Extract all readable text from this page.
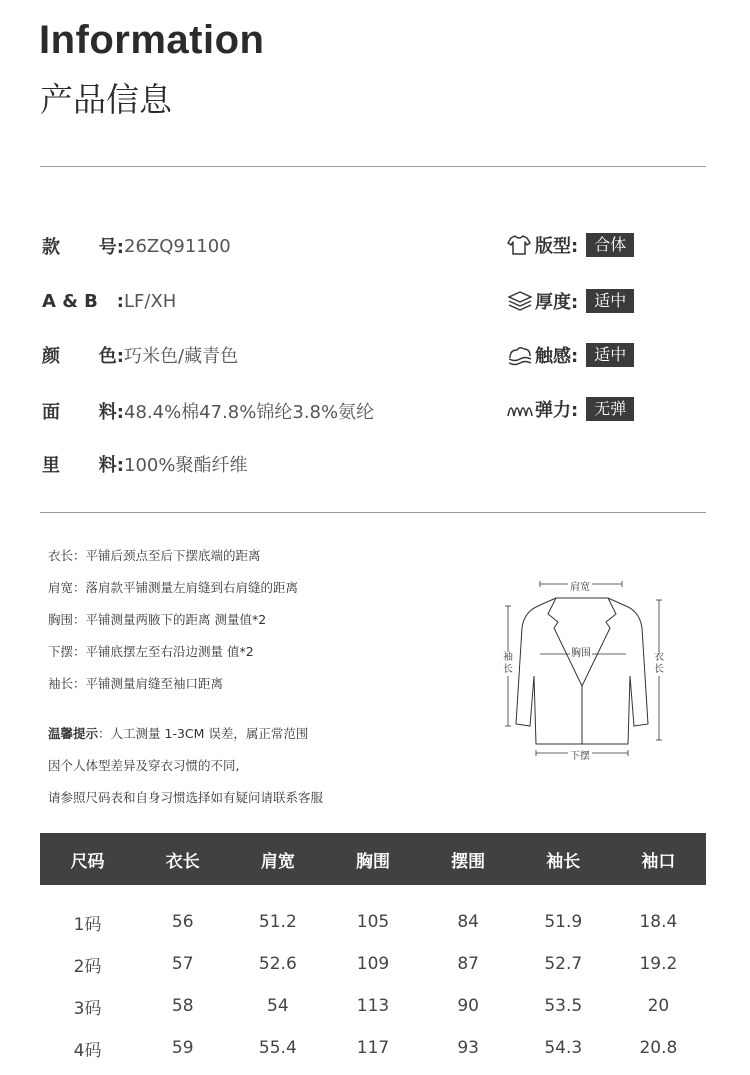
Information
产品信息
款 号: 26ZQ91100
A & B : LF/XH
颜 色: 巧米色/藏青色
面 料: 48.4%棉47.8%锦纶3.8%氨纶
里 料: 100%聚酯纤维
版型:	合体
厚度:	适中
触感:	适中
弹力:	无弹
衣长：平铺后颈点至后下摆底端的距离
肩宽：落肩款平铺测量左肩缝到右肩缝的距离
胸围：平铺测量两腋下的距离 测量值*2
下摆：平铺底摆左至右沿边测量 值*2
袖长：平铺测量肩缝至袖口距离
温馨提示：人工测量 1-3CM 误差，属正常范围
因个人体型差异及穿衣习惯的不同,
请参照尺码表和自身习惯选择如有疑问请联系客服
肩宽
袖
长
胸围	衣
长
下摆
尺码	衣长	肩宽	胸围	摆围	袖长	袖口
1码	56	51.2	105	84	51.9	18.4
2码	57	52.6	109	87	52.7	19.2
3码	58	54	113	90	53.5	20
4码	59	55.4	117	93	54.3	20.8
